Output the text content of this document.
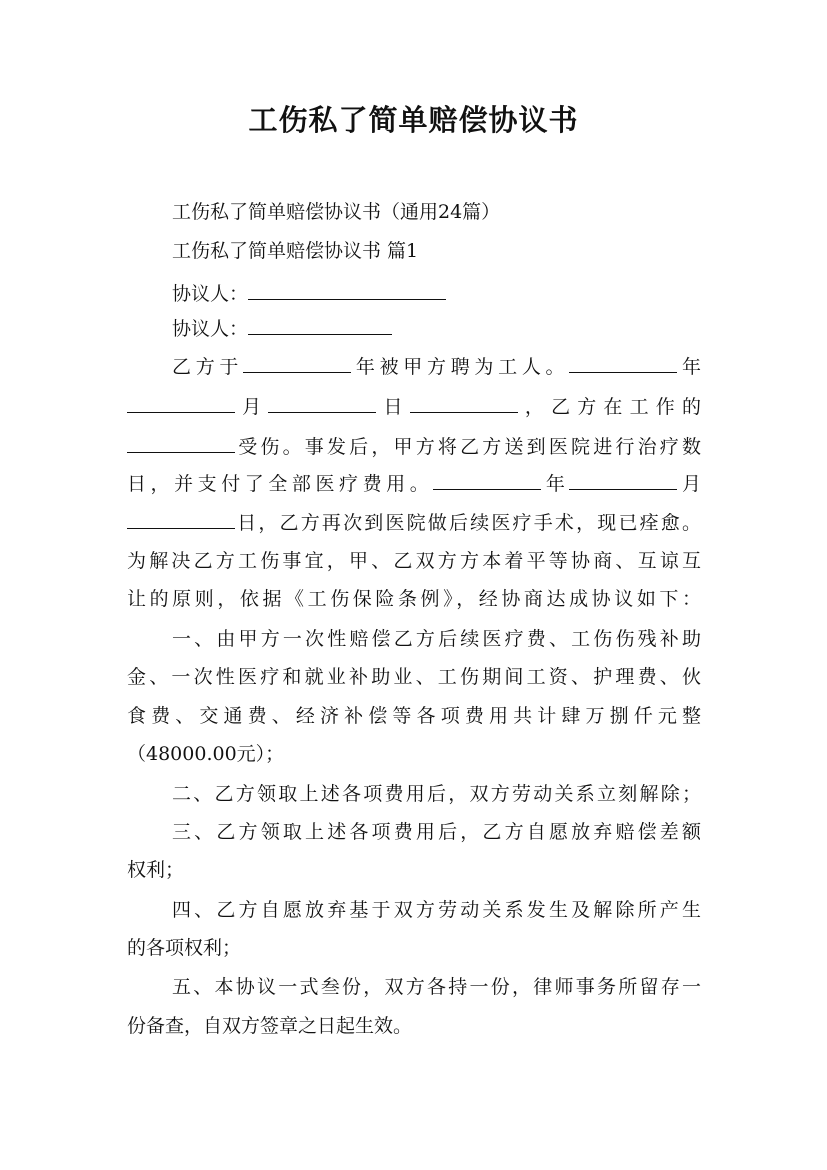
工伤私了简单赔偿协议书
工伤私了简单赔偿协议书（通用24篇）
工伤私了简单赔偿协议书 篇1
协议人：
协议人：
乙方于	年被甲方聘为工人。	年
月	日	，乙方在工作的
受伤。事发后，甲方将乙方送到医院进行治疗数
日，并支付了全部医疗费用。	年	月
日，乙方再次到医院做后续医疗手术，现已痊愈。
为解决乙方工伤事宜，甲、乙双方方本着平等协商、互谅互
让的原则，依据《工伤保险条例》，经协商达成协议如下：
一、由甲方一次性赔偿乙方后续医疗费、工伤伤残补助
金、一次性医疗和就业补助业、工伤期间工资、护理费、伙
食费、交通费、经济补偿等各项费用共计肆万捌仟元整
（48000.00元）；
二、乙方领取上述各项费用后，双方劳动关系立刻解除；
三、乙方领取上述各项费用后，乙方自愿放弃赔偿差额
权利；
四、乙方自愿放弃基于双方劳动关系发生及解除所产生
的各项权利；
五、本协议一式叁份，双方各持一份，律师事务所留存一
份备查，自双方签章之日起生效。
